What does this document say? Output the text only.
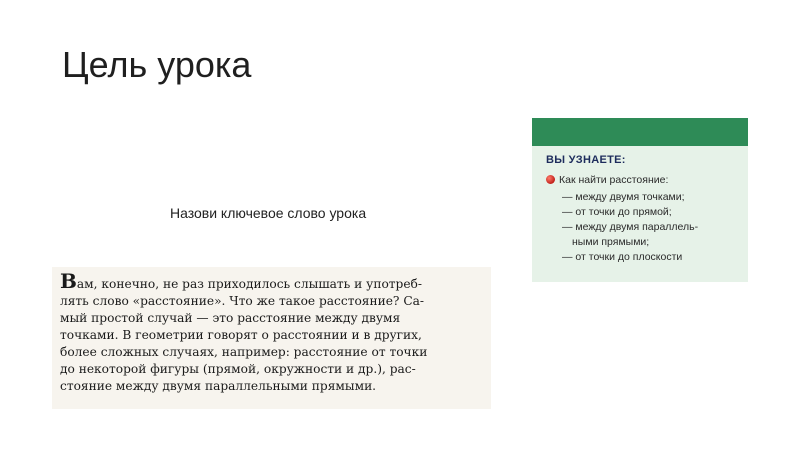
Цель урока
Назови ключевое слово урока
ВЫ УЗНАЕТЕ:
Как найти расстояние:
— между двумя точками;
— от точки до прямой;
— между двумя параллель-
ными прямыми;
— от точки до плоскости
Вам, конечно, не раз приходилось слышать и употреб-
лять слово «расстояние». Что же такое расстояние? Са-
мый простой случай — это расстояние между двумя
точками. В геометрии говорят о расстоянии и в других,
более сложных случаях, например: расстояние от точки
до некоторой фигуры (прямой, окружности и др.), рас-
стояние между двумя параллельными прямыми.
